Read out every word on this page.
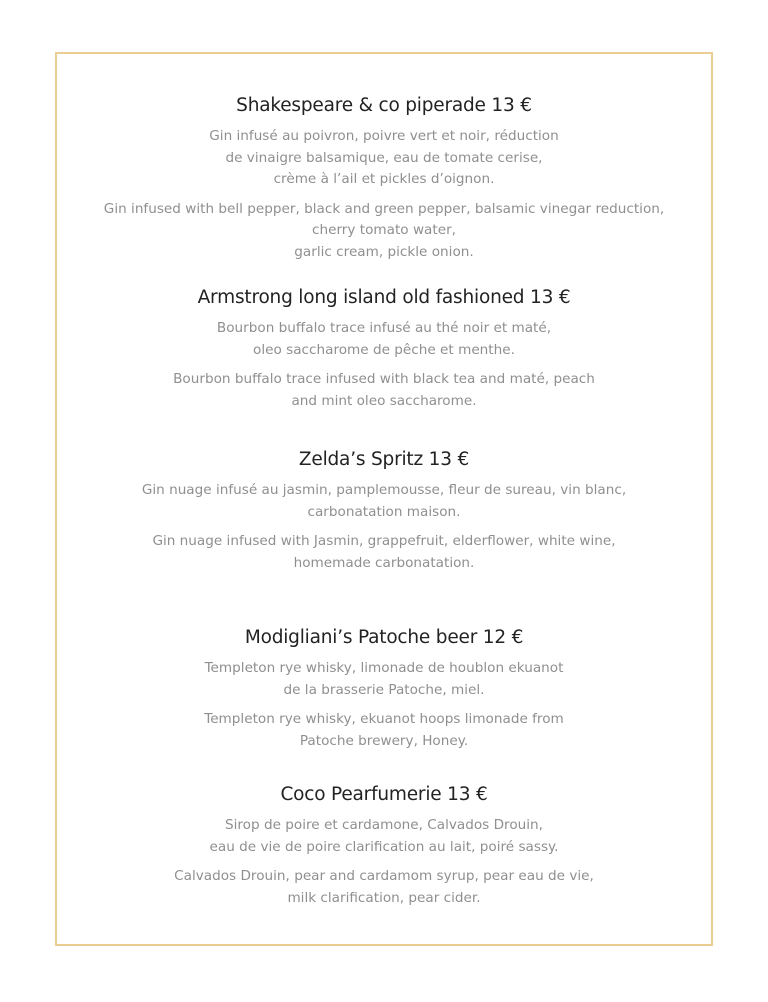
Shakespeare & co piperade 13 €

Gin infusé au poivron, poivre vert et noir, réduction
de vinaigre balsamique, eau de tomate cerise,
crème à l’ail et pickles d’oignon.

Gin infused with bell pepper, black and green pepper, balsamic vinegar reduction,
cherry tomato water,
garlic cream, pickle onion.

Armstrong long island old fashioned 13 €

Bourbon buffalo trace infusé au thé noir et maté,
oleo saccharome de pêche et menthe.

Bourbon buffalo trace infused with black tea and maté, peach
and mint oleo saccharome.

Zelda’s Spritz 13 €

Gin nuage infusé au jasmin, pamplemousse, fleur de sureau, vin blanc,
carbonatation maison.

Gin nuage infused with Jasmin, grappefruit, elderflower, white wine,
homemade carbonatation.

Modigliani’s Patoche beer 12 €

Templeton rye whisky, limonade de houblon ekuanot
de la brasserie Patoche, miel.

Templeton rye whisky, ekuanot hoops limonade from
Patoche brewery, Honey.

Coco Pearfumerie 13 €

Sirop de poire et cardamone, Calvados Drouin,
eau de vie de poire clarification au lait, poiré sassy.

Calvados Drouin, pear and cardamom syrup, pear eau de vie,
milk clarification, pear cider.
